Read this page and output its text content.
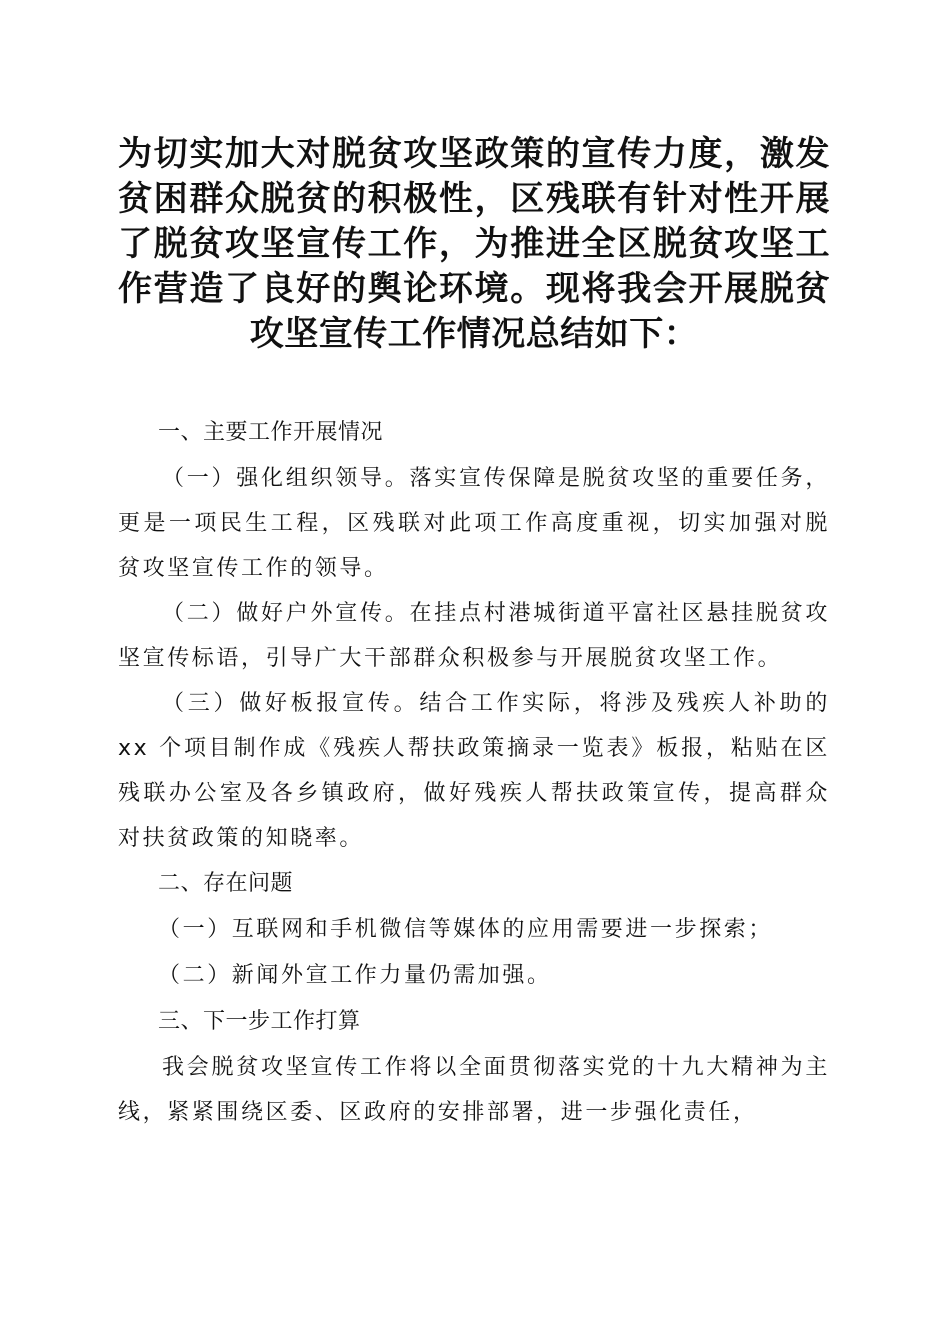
为切实加大对脱贫攻坚政策的宣传力度，激发贫困群众脱贫的积极性，区残联有针对性开展了脱贫攻坚宣传工作，为推进全区脱贫攻坚工作营造了良好的舆论环境。现将我会开展脱贫攻坚宣传工作情况总结如下：
一、主要工作开展情况

（一）强化组织领导。落实宣传保障是脱贫攻坚的重要任务，更是一项民生工程，区残联对此项工作高度重视，切实加强对脱贫攻坚宣传工作的领导。

（二）做好户外宣传。在挂点村港城街道平富社区悬挂脱贫攻坚宣传标语，引导广大干部群众积极参与开展脱贫攻坚工作。

（三）做好板报宣传。结合工作实际，将涉及残疾人补助的 xx 个项目制作成《残疾人帮扶政策摘录一览表》板报，粘贴在区残联办公室及各乡镇政府，做好残疾人帮扶政策宣传，提高群众对扶贫政策的知晓率。

二、存在问题

（一）互联网和手机微信等媒体的应用需要进一步探索；

（二）新闻外宣工作力量仍需加强。

三、下一步工作打算

我会脱贫攻坚宣传工作将以全面贯彻落实党的十九大精神为主线，紧紧围绕区委、区政府的安排部署，进一步强化责任，
